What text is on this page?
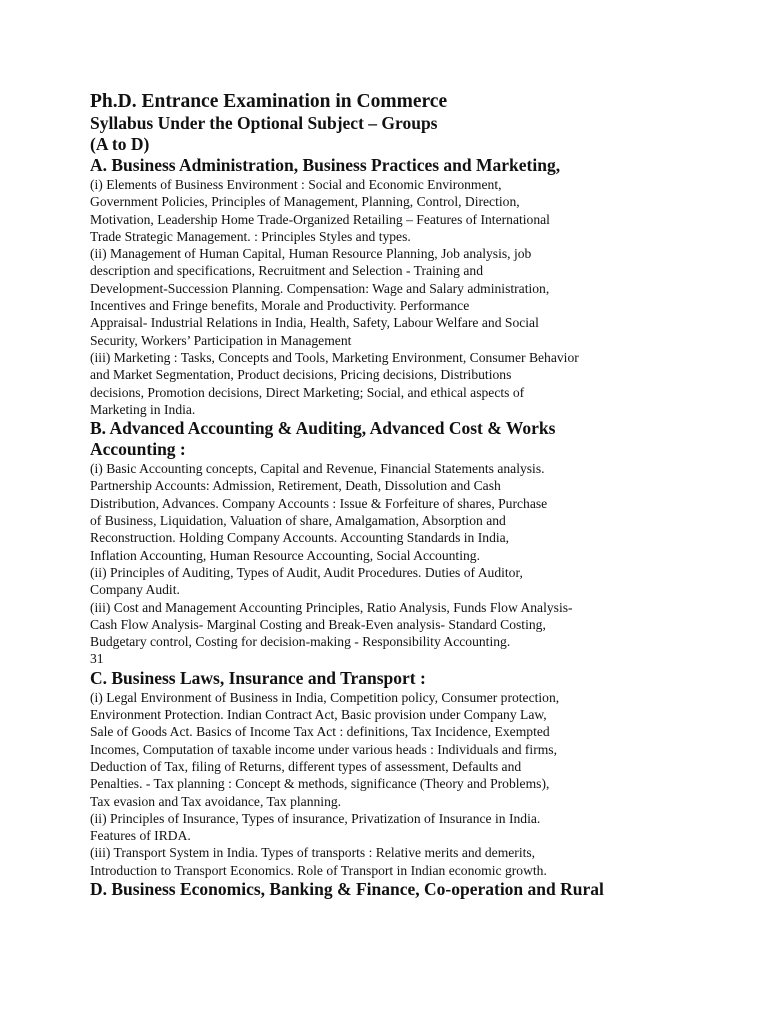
Ph.D. Entrance Examination in Commerce

Syllabus Under the Optional Subject – Groups

(A to D)

A. Business Administration, Business Practices and Marketing,

(i) Elements of Business Environment : Social and Economic Environment,

Government Policies, Principles of Management, Planning, Control, Direction,

Motivation, Leadership Home Trade-Organized Retailing – Features of International

Trade Strategic Management. : Principles Styles and types.

(ii) Management of Human Capital, Human Resource Planning, Job analysis, job

description and specifications, Recruitment and Selection - Training and

Development-Succession Planning. Compensation: Wage and Salary administration,

Incentives and Fringe benefits, Morale and Productivity. Performance

Appraisal- Industrial Relations in India, Health, Safety, Labour Welfare and Social

Security, Workers’ Participation in Management

(iii) Marketing : Tasks, Concepts and Tools, Marketing Environment, Consumer Behavior

and Market Segmentation, Product decisions, Pricing decisions, Distributions

decisions, Promotion decisions, Direct Marketing; Social, and ethical aspects of

Marketing in India.

B. Advanced Accounting & Auditing, Advanced Cost & Works

Accounting :

(i) Basic Accounting concepts, Capital and Revenue, Financial Statements analysis.

Partnership Accounts: Admission, Retirement, Death, Dissolution and Cash

Distribution, Advances. Company Accounts : Issue & Forfeiture of shares, Purchase

of Business, Liquidation, Valuation of share, Amalgamation, Absorption and

Reconstruction. Holding Company Accounts. Accounting Standards in India,

Inflation Accounting, Human Resource Accounting, Social Accounting.

(ii) Principles of Auditing, Types of Audit, Audit Procedures. Duties of Auditor,

Company Audit.

(iii) Cost and Management Accounting Principles, Ratio Analysis, Funds Flow Analysis-

Cash Flow Analysis- Marginal Costing and Break-Even analysis- Standard Costing,

Budgetary control, Costing for decision-making - Responsibility Accounting.

31

C. Business Laws, Insurance and Transport :

(i) Legal Environment of Business in India, Competition policy, Consumer protection,

Environment Protection. Indian Contract Act, Basic provision under Company Law,

Sale of Goods Act. Basics of Income Tax Act : definitions, Tax Incidence, Exempted

Incomes, Computation of taxable income under various heads : Individuals and firms,

Deduction of Tax, filing of Returns, different types of assessment, Defaults and

Penalties. - Tax planning : Concept & methods, significance (Theory and Problems),

Tax evasion and Tax avoidance, Tax planning.

(ii) Principles of Insurance, Types of insurance, Privatization of Insurance in India.

Features of IRDA.

(iii) Transport System in India. Types of transports : Relative merits and demerits,

Introduction to Transport Economics. Role of Transport in Indian economic growth.

D. Business Economics, Banking & Finance, Co-operation and Rural
